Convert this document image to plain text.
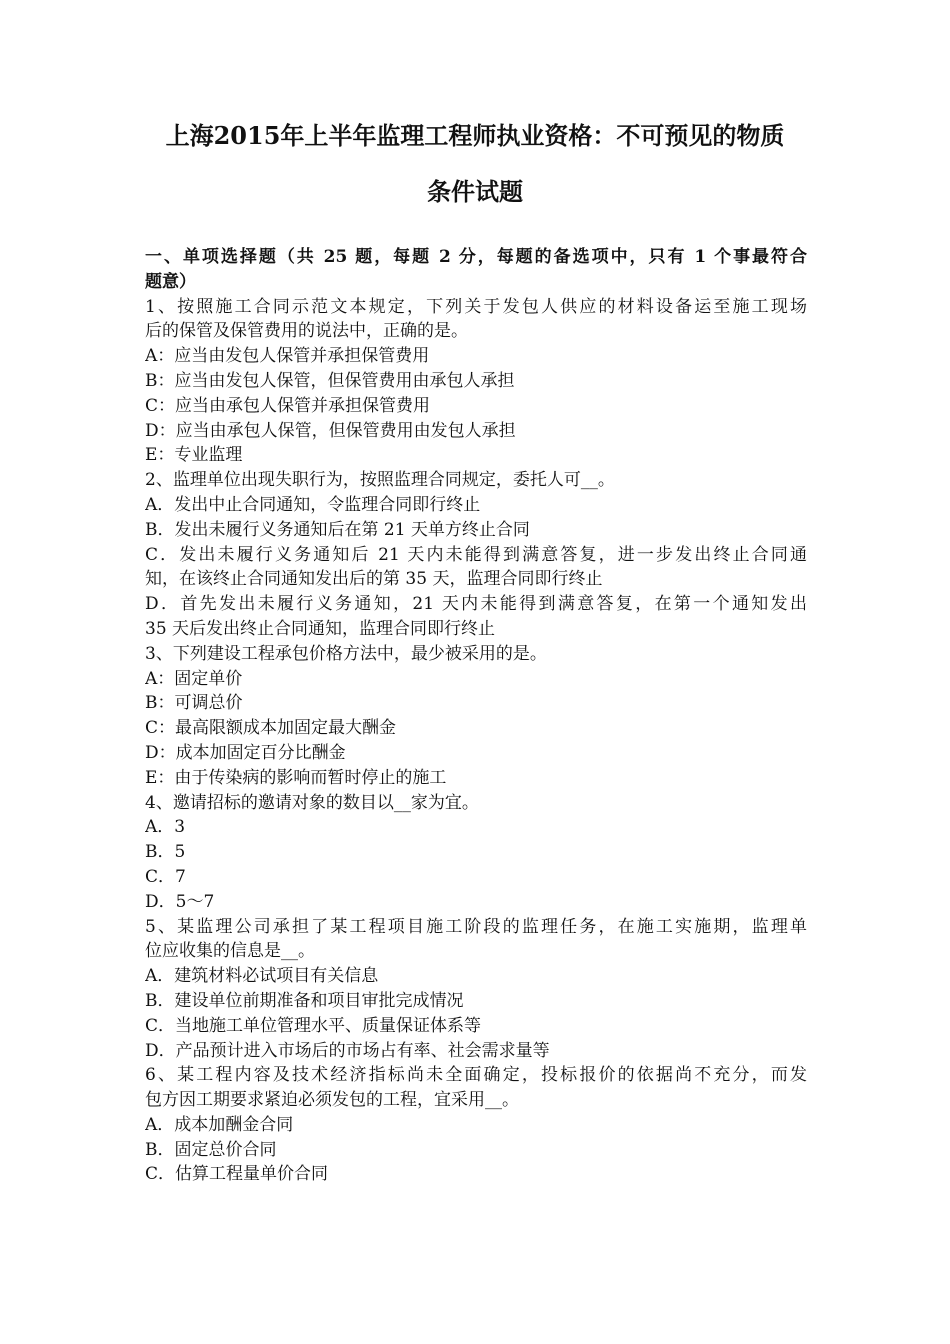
上海2015年上半年监理工程师执业资格：不可预见的物质
条件试题
一、单项选择题（共 25 题，每题 2 分，每题的备选项中，只有 1 个事最符合
题意）
1、按照施工合同示范文本规定，下列关于发包人供应的材料设备运至施工现场
后的保管及保管费用的说法中，正确的是。
A：应当由发包人保管并承担保管费用
B：应当由发包人保管，但保管费用由承包人承担
C：应当由承包人保管并承担保管费用
D：应当由承包人保管，但保管费用由发包人承担
E：专业监理
2、监理单位出现失职行为，按照监理合同规定，委托人可__。
A．发出中止合同通知，令监理合同即行终止
B．发出未履行义务通知后在第 21 天单方终止合同
C．发出未履行义务通知后 21 天内未能得到满意答复，进一步发出终止合同通
知，在该终止合同通知发出后的第 35 天，监理合同即行终止
D．首先发出未履行义务通知，21 天内未能得到满意答复，在第一个通知发出
35 天后发出终止合同通知，监理合同即行终止
3、下列建设工程承包价格方法中，最少被采用的是。
A：固定单价
B：可调总价
C：最高限额成本加固定最大酬金
D：成本加固定百分比酬金
E：由于传染病的影响而暂时停止的施工
4、邀请招标的邀请对象的数目以__家为宜。
A．3
B．5
C．7
D．5～7
5、某监理公司承担了某工程项目施工阶段的监理任务，在施工实施期，监理单
位应收集的信息是__。
A．建筑材料必试项目有关信息
B．建设单位前期准备和项目审批完成情况
C．当地施工单位管理水平、质量保证体系等
D．产品预计进入市场后的市场占有率、社会需求量等
6、某工程内容及技术经济指标尚未全面确定，投标报价的依据尚不充分，而发
包方因工期要求紧迫必须发包的工程，宜采用__。
A．成本加酬金合同
B．固定总价合同
C．估算工程量单价合同
